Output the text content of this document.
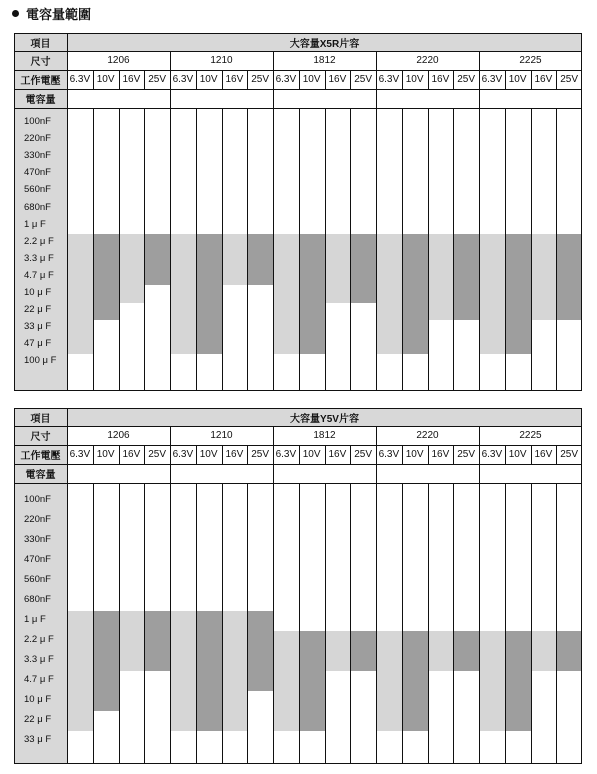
電容量範圍
項目	大容量X5R片容
尺寸	1206	1210	1812	2220	2225
工作電壓 6.3V 10V 16V 25V 6.3V 10V 16V 25V 6.3V 10V 16V 25V 6.3V 10V 16V 25V 6.3V 10V 16V 25V
電容量
100nF
220nF
330nF
470nF
560nF
680nF
1 μ F
2.2 μ F
3.3 μ F
4.7 μ F
10 μ F
22 μ F
33 μ F
47 μ F
100 μ F
項目	大容量Y5V片容
尺寸	1206	1210	1812	2220	2225
工作電壓 6.3V 10V 16V 25V 6.3V 10V 16V 25V 6.3V 10V 16V 25V 6.3V 10V 16V 25V 6.3V 10V 16V 25V
電容量
100nF
220nF
330nF
470nF
560nF
680nF
1 μ F
2.2 μ F
3.3 μ F
4.7 μ F
10 μ F
22 μ F
33 μ F
